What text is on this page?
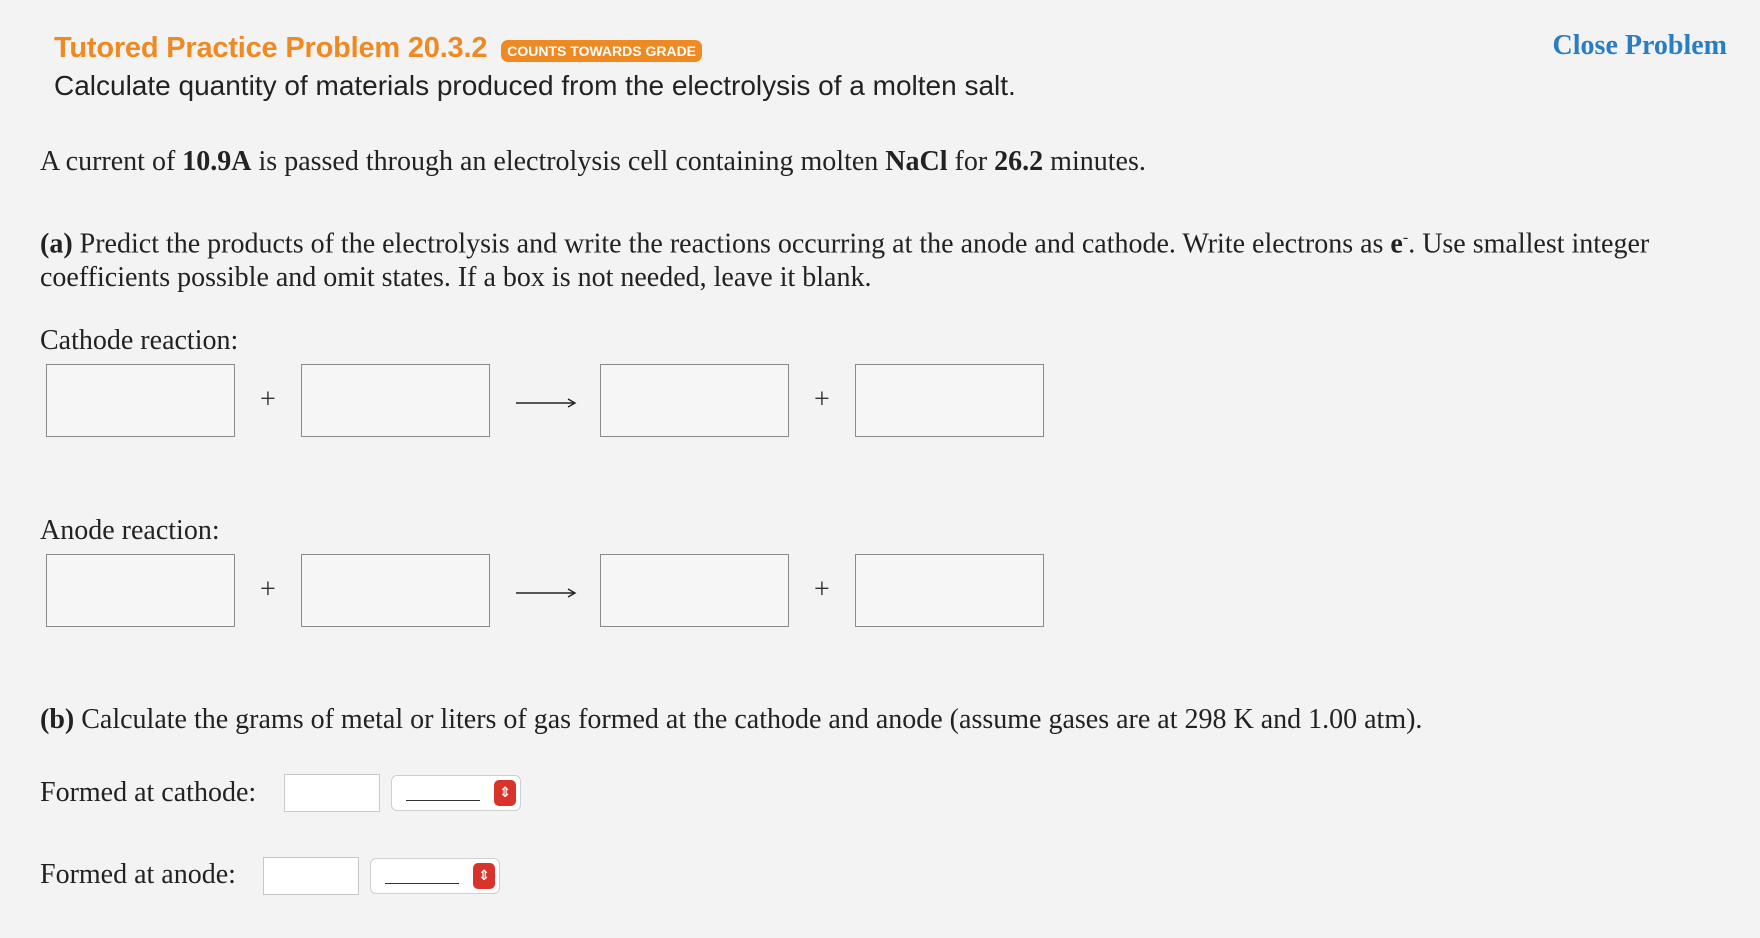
Tutored Practice Problem 20.3.2	COUNTS TOWARDS GRADE
Calculate quantity of materials produced from the electrolysis of a molten salt.
Close Problem
A current of 10.9A is passed through an electrolysis cell containing molten NaCl for 26.2 minutes.
(a) Predict the products of the electrolysis and write the reactions occurring at the anode and cathode. Write electrons as e-. Use smallest integer coefficients possible and omit states. If a box is not needed, leave it blank.
Cathode reaction:
+	+
Anode reaction:
+	+
(b) Calculate the grams of metal or liters of gas formed at the cathode and anode (assume gases are at 298 K and 1.00 atm).
Formed at cathode:	⇕
Formed at anode:	⇕
